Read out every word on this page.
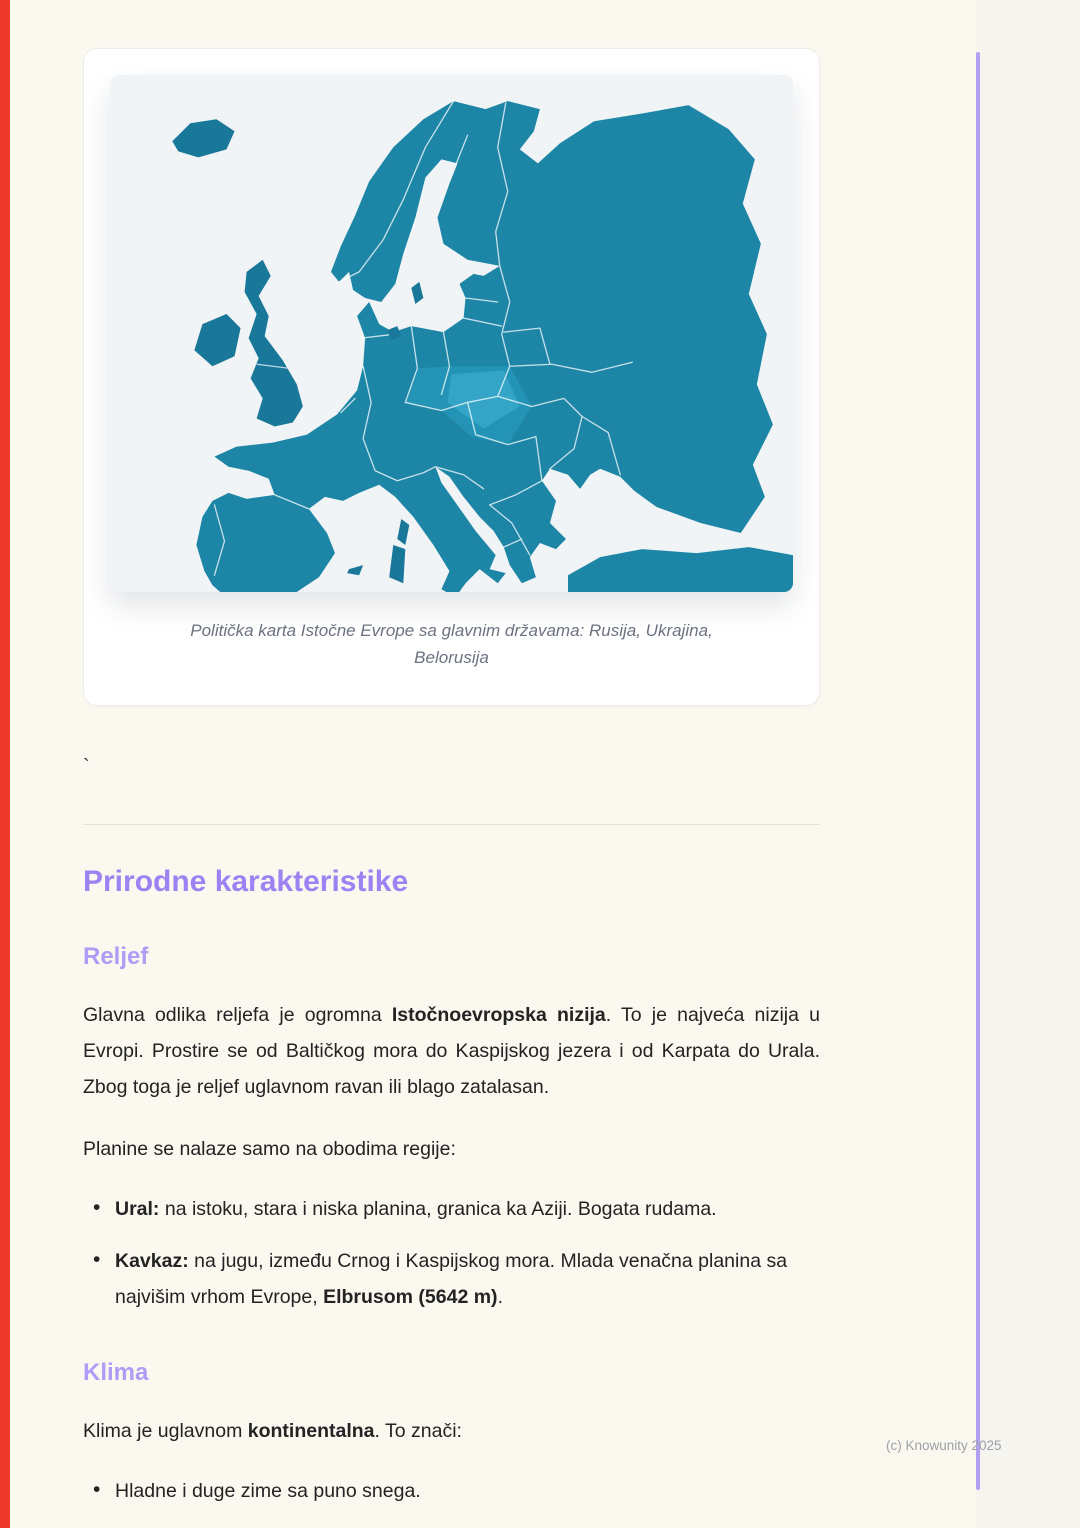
Politička karta Istočne Evrope sa glavnim državama: Rusija, Ukrajina, Belorusija
`
Prirodne karakteristike
Reljef

Glavna odlika reljefa je ogromna Istočnoevropska nizija. To je najveća nizija u Evropi. Prostire se od Baltičkog mora do Kaspijskog jezera i od Karpata do Urala. Zbog toga je reljef uglavnom ravan ili blago zatalasan.

Planine se nalaze samo na obodima regije:

• Ural: na istoku, stara i niska planina, granica ka Aziji. Bogata rudama.
• Kavkaz: na jugu, između Crnog i Kaspijskog mora. Mlada venačna planina sa najvišim vrhom Evrope, Elbrusom (5642 m).
Klima

Klima je uglavnom kontinentalna. To znači:

• Hladne i duge zime sa puno snega.
(c) Knowunity 2025
